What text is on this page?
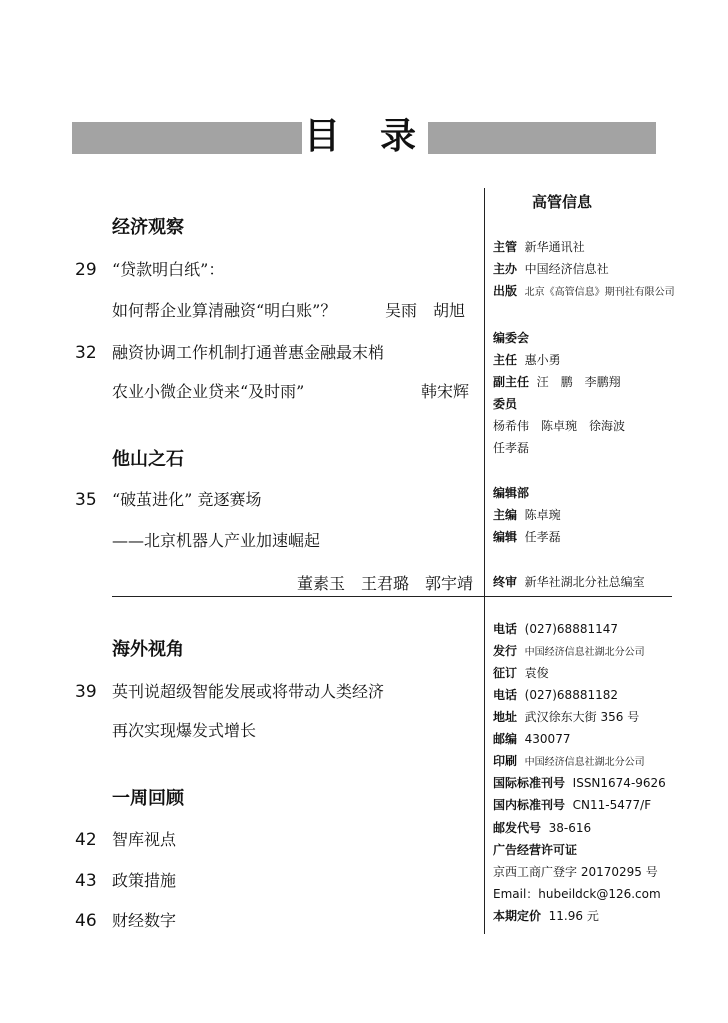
目　录
经济观察
29 “贷款明白纸”：
如何帮企业算清融资“明白账”？	吴雨　胡旭
32 融资协调工作机制打通普惠金融最末梢
农业小微企业贷来“及时雨”	韩宋辉
他山之石
35 “破茧进化” 竞逐赛场
——北京机器人产业加速崛起
董素玉　王君璐　郭宇靖
海外视角
39 英刊说超级智能发展或将带动人类经济
再次实现爆发式增长
一周回顾
42 智库视点
43 政策措施
46 财经数字
高管信息
主管 新华通讯社
主办 中国经济信息社
出版 北京《高管信息》期刊社有限公司
编委会
主任 惠小勇
副主任 汪　鹏　李鹏翔
委员
杨希伟　陈卓琬　徐海波
任孝磊
编辑部
主编 陈卓琬
编辑 任孝磊
终审 新华社湖北分社总编室
电话 (027)68881147
发行 中国经济信息社湖北分公司
征订 袁俊
电话 (027)68881182
地址 武汉徐东大街 356 号
邮编 430077
印刷 中国经济信息社湖北分公司
国际标准刊号 ISSN1674-9626
国内标准刊号 CN11-5477/F
邮发代号 38-616
广告经营许可证
京西工商广登字 20170295 号
Email：hubeildck@126.com
本期定价 11.96 元
